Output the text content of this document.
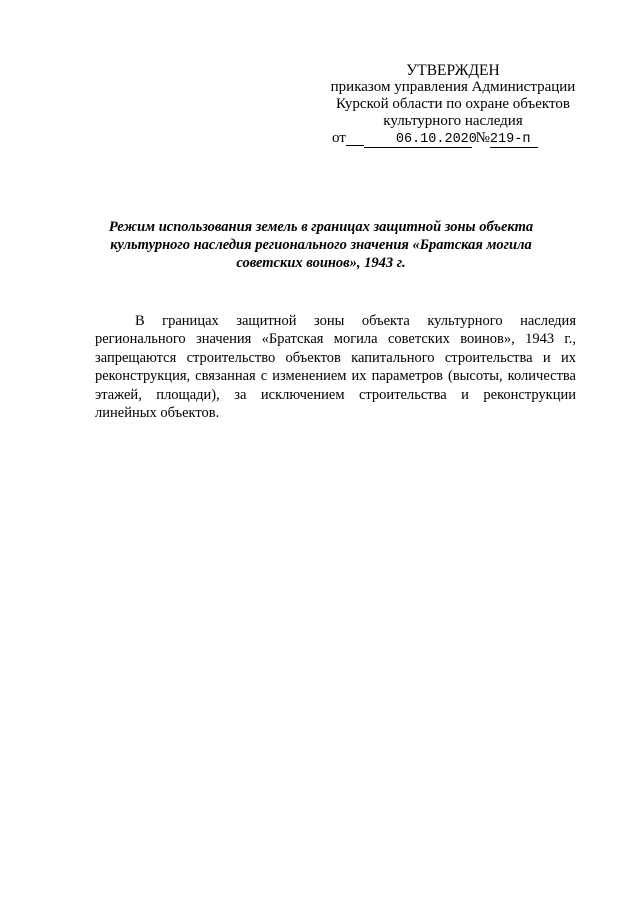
УТВЕРЖДЕН
приказом управления Администрации
Курской области по охране объектов
культурного наследия
от	06.10.2020 №219-п
Режим использования земель в границах защитной зоны объекта
культурного наследия регионального значения «Братская могила
советских воинов», 1943 г.

В границах защитной зоны объекта культурного наследия регионального значения «Братская могила советских воинов», 1943 г., запрещаются строительство объектов капитального строительства и их реконструкция, связанная с изменением их параметров (высоты, количества этажей, площади), за исключением строительства и реконструкции линейных объектов.
